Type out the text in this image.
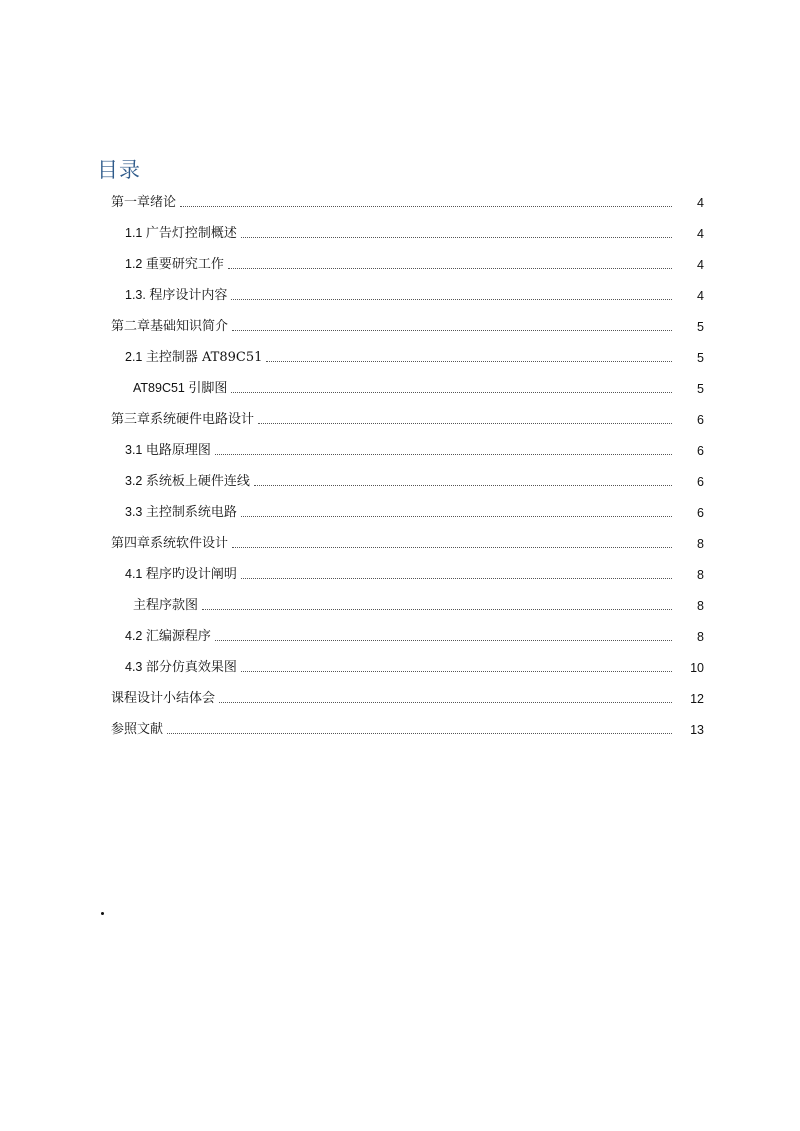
目录
第一章绪论	4
1.1 广告灯控制概述	4
1.2 重要研究工作	4
1.3. 程序设计内容	4
第二章基础知识简介	5
2.1 主控制器 AT89C51	5
AT89C51 引脚图	5
第三章系统硬件电路设计	6
3.1 电路原理图	6
3.2 系统板上硬件连线	6
3.3 主控制系统电路	6
第四章系统软件设计	8
4.1 程序旳设计阐明	8
主程序款图	8
4.2 汇编源程序	8
4.3 部分仿真效果图	10
课程设计小结体会	12
参照文献	13
